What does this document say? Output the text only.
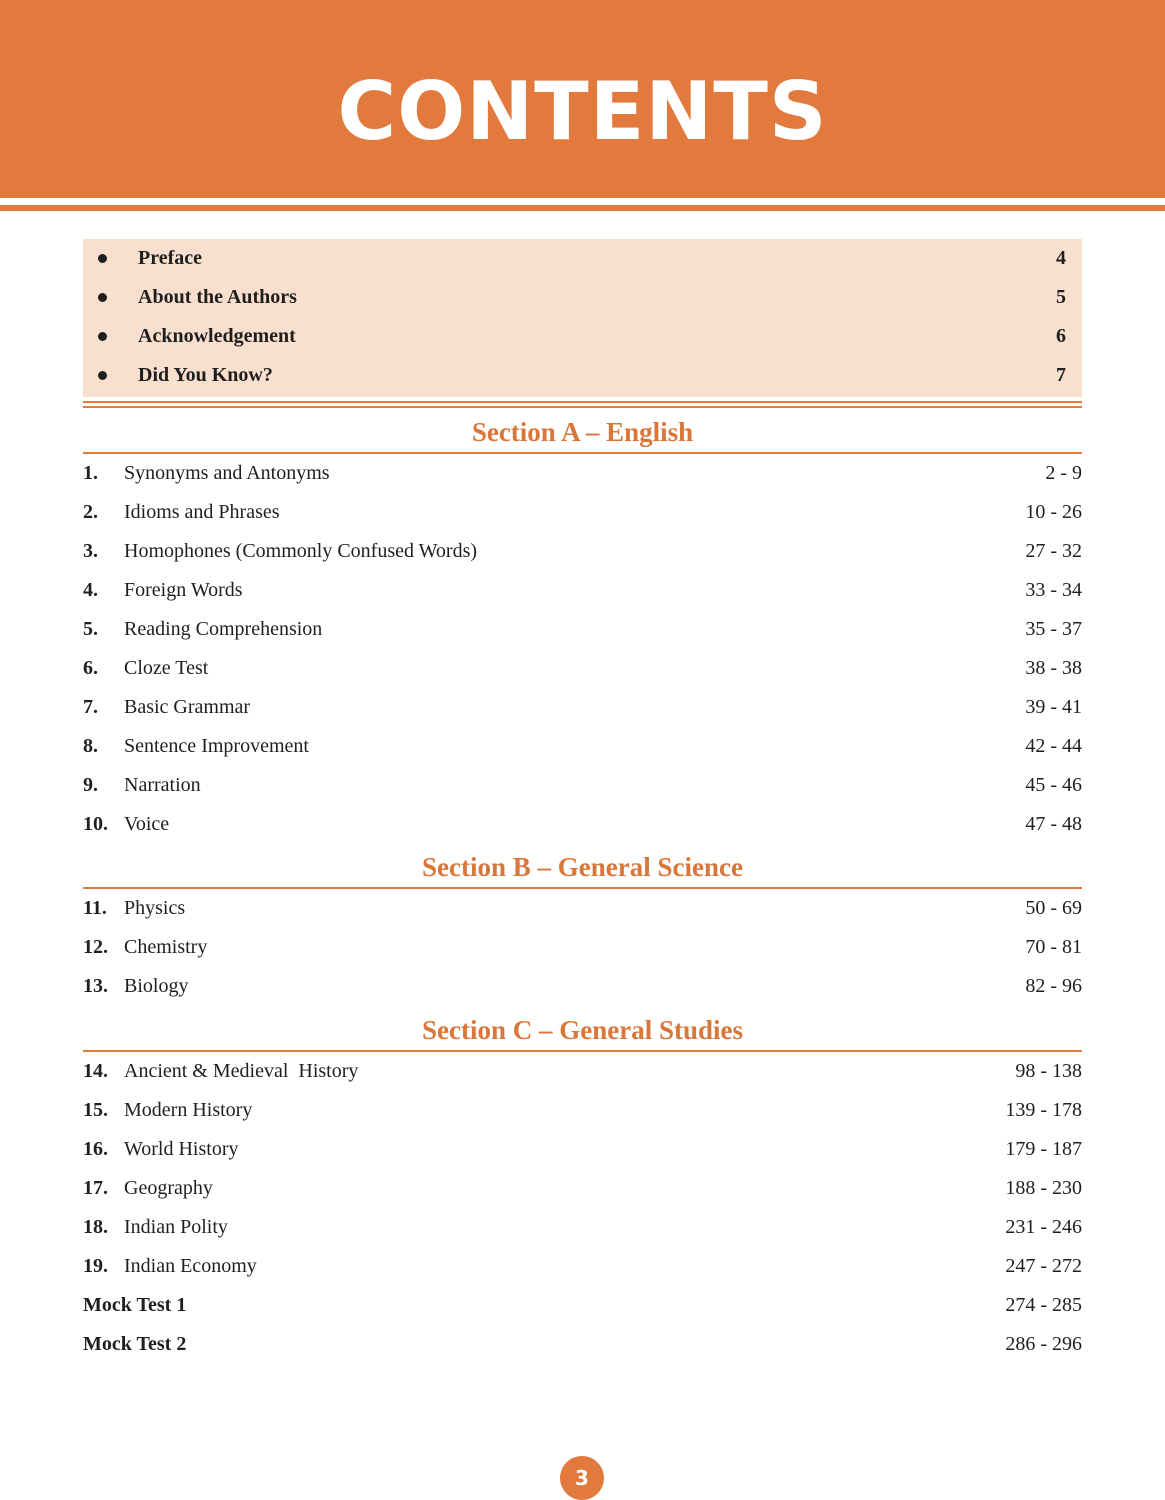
CONTENTS
Preface	4
About the Authors	5
Acknowledgement	6
Did You Know?	7
Section A – English
1. Synonyms and Antonyms	2 - 9
2. Idioms and Phrases	10 - 26
3. Homophones (Commonly Confused Words)	27 - 32
4. Foreign Words	33 - 34
5. Reading Comprehension	35 - 37
6. Cloze Test	38 - 38
7. Basic Grammar	39 - 41
8. Sentence Improvement	42 - 44
9. Narration	45 - 46
10. Voice	47 - 48
Section B – General Science
11. Physics	50 - 69
12. Chemistry	70 - 81
13. Biology	82 - 96
Section C – General Studies
14. Ancient & Medieval  History	98 - 138
15. Modern History	139 - 178
16. World History	179 - 187
17. Geography	188 - 230
18. Indian Polity	231 - 246
19. Indian Economy	247 - 272
Mock Test 1	274 - 285
Mock Test 2	286 - 296
3
